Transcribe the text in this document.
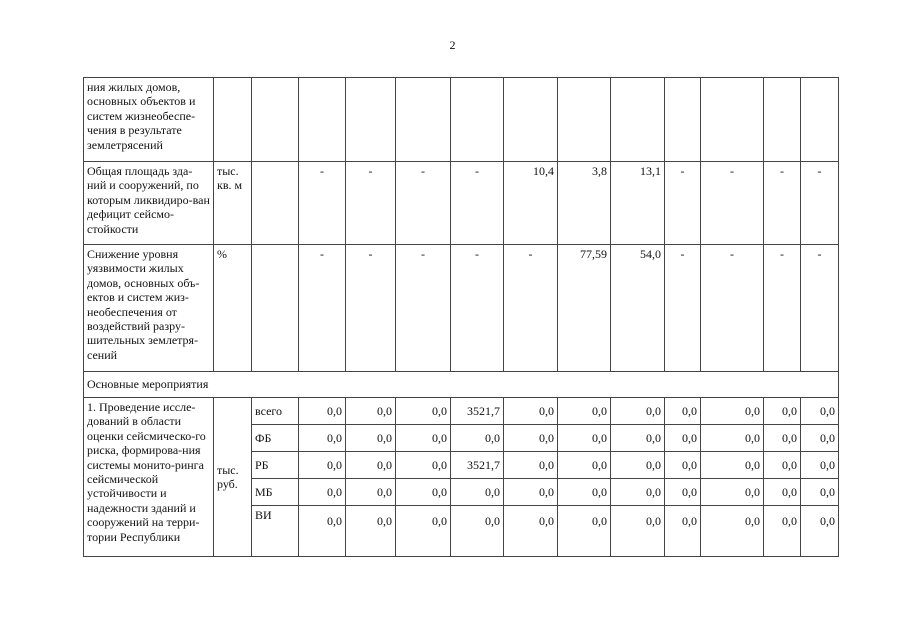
2
ния жилых домов, основных объектов и систем жизнеобеспе-чения в результате землетрясений													
Общая площадь зда-ний и сооружений, по которым ликвидиро-ван дефицит сейсмо-стойкости	тыс. кв. м		-	-	-	-	10,4	3,8	13,1	-	-	-	-
Снижение уровня уязвимости жилых домов, основных объ-ектов и систем жиз-необеспечения от воздействий разру-шительных землетря-сений	%		-	-	-	-	-	77,59	54,0	-	-	-	-
Основные мероприятия													
1. Проведение иссле-дований в области оценки сейсмическо-го риска, формирова-ния системы монито-ринга сейсмической устойчивости и надежности зданий и сооружений на терри-тории Республики	тыс. руб.	всего	0,0	0,0	0,0	3521,7	0,0	0,0	0,0	0,0	0,0	0,0	0,0
		ФБ	0,0	0,0	0,0	0,0	0,0	0,0	0,0	0,0	0,0	0,0	0,0
		РБ	0,0	0,0	0,0	3521,7	0,0	0,0	0,0	0,0	0,0	0,0	0,0
		МБ	0,0	0,0	0,0	0,0	0,0	0,0	0,0	0,0	0,0	0,0	0,0
		ВИ	0,0	0,0	0,0	0,0	0,0	0,0	0,0	0,0	0,0	0,0	0,0
